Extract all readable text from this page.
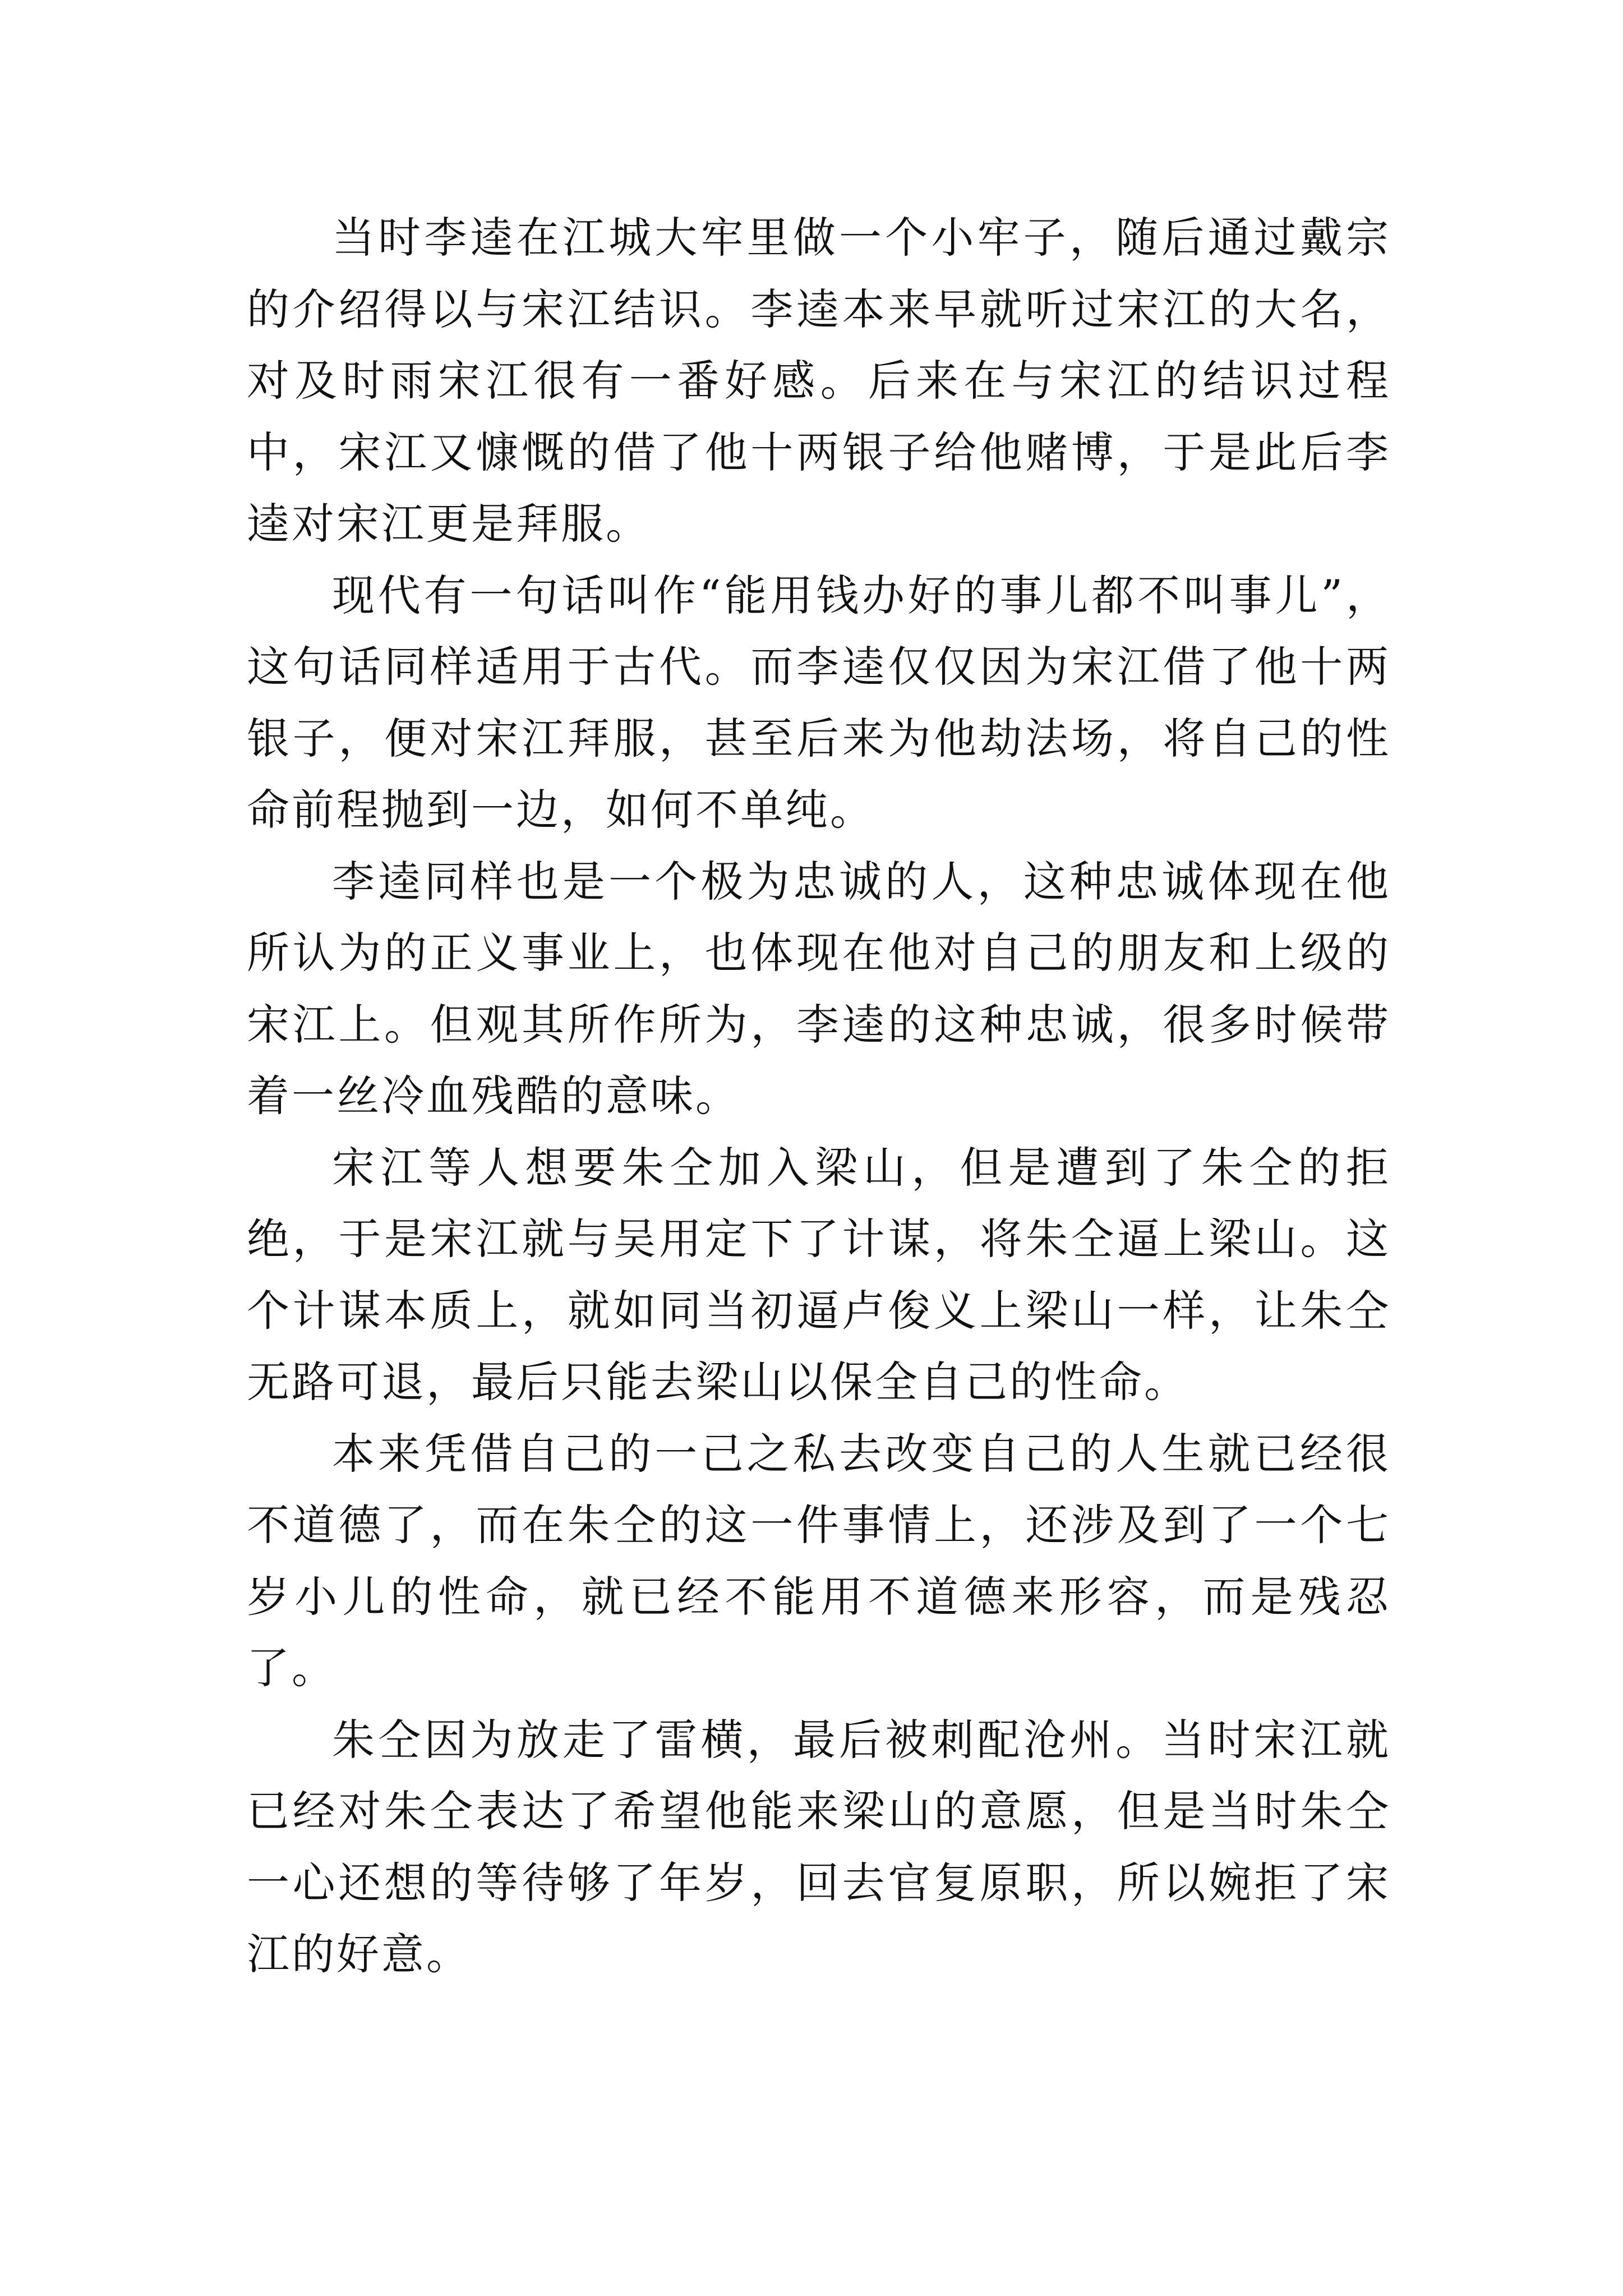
当时李逵在江城大牢里做一个小牢子，随后通过戴宗的介绍得以与宋江结识。李逵本来早就听过宋江的大名，对及时雨宋江很有一番好感。后来在与宋江的结识过程中，宋江又慷慨的借了他十两银子给他赌博，于是此后李逵对宋江更是拜服。

现代有一句话叫作“能用钱办好的事儿都不叫事儿”，这句话同样适用于古代。而李逵仅仅因为宋江借了他十两银子，便对宋江拜服，甚至后来为他劫法场，将自己的性命前程抛到一边，如何不单纯。

李逵同样也是一个极为忠诚的人，这种忠诚体现在他所认为的正义事业上，也体现在他对自己的朋友和上级的宋江上。但观其所作所为，李逵的这种忠诚，很多时候带着一丝冷血残酷的意味。

宋江等人想要朱仝加入梁山，但是遭到了朱仝的拒绝，于是宋江就与吴用定下了计谋，将朱仝逼上梁山。这个计谋本质上，就如同当初逼卢俊义上梁山一样，让朱仝无路可退，最后只能去梁山以保全自己的性命。

本来凭借自己的一己之私去改变自己的人生就已经很不道德了，而在朱仝的这一件事情上，还涉及到了一个七岁小儿的性命，就已经不能用不道德来形容，而是残忍了。

朱仝因为放走了雷横，最后被刺配沧州。当时宋江就已经对朱仝表达了希望他能来梁山的意愿，但是当时朱仝一心还想的等待够了年岁，回去官复原职，所以婉拒了宋江的好意。
